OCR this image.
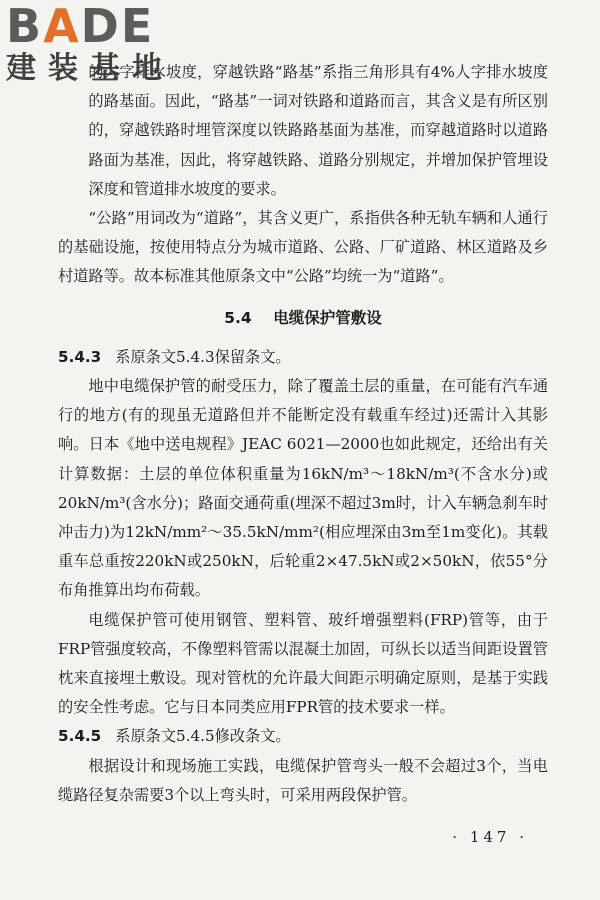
BADE
建装基地

的人字排水坡度，穿越铁路“路基”系指三角形具有4%人字排水坡度的路基面。因此，“路基”一词对铁路和道路而言，其含义是有所区别的，穿越铁路时埋管深度以铁路路基面为基准，而穿越道路时以道路路面为基准，因此，将穿越铁路、道路分别规定，并增加保护管埋设深度和管道排水坡度的要求。

“公路”用词改为“道路”，其含义更广，系指供各种无轨车辆和人通行的基础设施，按使用特点分为城市道路、公路、厂矿道路、林区道路及乡村道路等。故本标准其他原条文中“公路”均统一为“道路”。

5.4 电缆保护管敷设

5.4.3 系原条文5.4.3保留条文。

地中电缆保护管的耐受压力，除了覆盖土层的重量，在可能有汽车通行的地方(有的现虽无道路但并不能断定没有载重车经过)还需计入其影响。日本《地中送电规程》JEAC 6021—2000也如此规定，还给出有关计算数据：土层的单位体积重量为16kN/m³～18kN/m³(不含水分)或20kN/m³(含水分)；路面交通荷重(埋深不超过3m时，计入车辆急刹车时冲击力)为12kN/mm²～35.5kN/mm²(相应埋深由3m至1m变化)。其载重车总重按220kN或250kN，后轮重2×47.5kN或2×50kN，依55°分布角推算出均布荷载。

电缆保护管可使用钢管、塑料管、玻纤增强塑料(FRP)管等，由于FRP管强度较高，不像塑料管需以混凝土加固，可纵长以适当间距设置管枕来直接埋土敷设。现对管枕的允许最大间距示明确定原则，是基于实践的安全性考虑。它与日本同类应用FPR管的技术要求一样。

5.4.5 系原条文5.4.5修改条文。

根据设计和现场施工实践，电缆保护管弯头一般不会超过3个，当电缆路径复杂需要3个以上弯头时，可采用两段保护管。

· 147 ·
